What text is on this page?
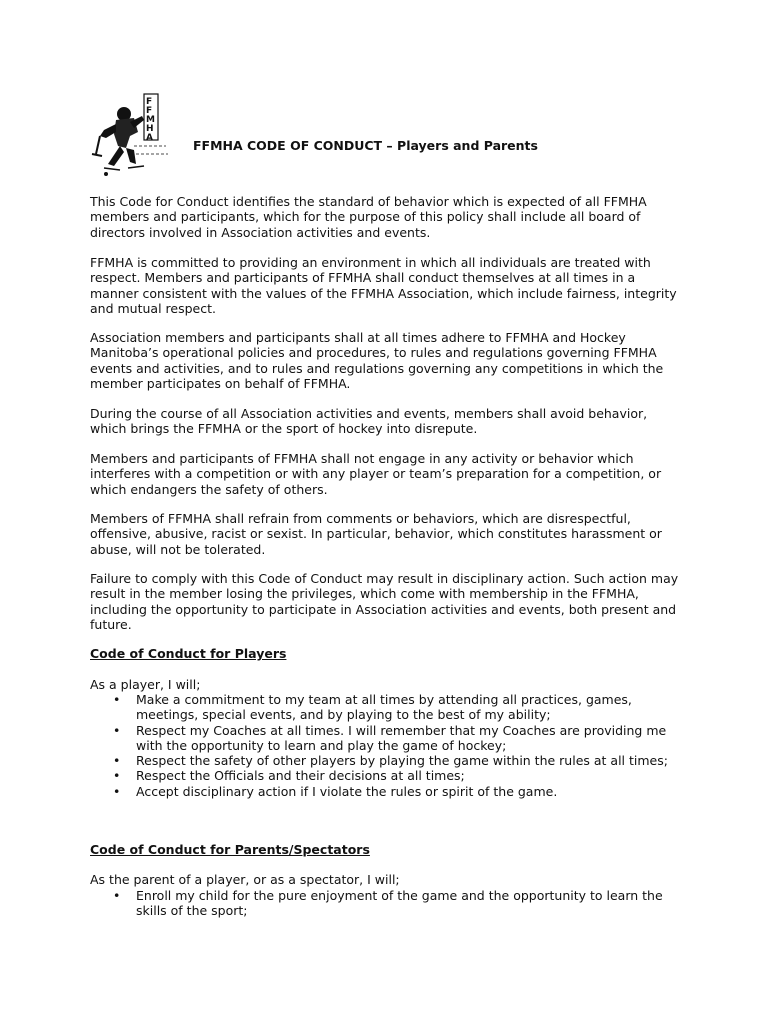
F
F
M
H
A	FFMHA CODE OF CONDUCT – Players and Parents

This Code for Conduct identifies the standard of behavior which is expected of all FFMHA members and participants, which for the purpose of this policy shall include all board of directors involved in Association activities and events.

FFMHA is committed to providing an environment in which all individuals are treated with respect. Members and participants of FFMHA shall conduct themselves at all times in a manner consistent with the values of the FFMHA Association, which include fairness, integrity and mutual respect.

Association members and participants shall at all times adhere to FFMHA and Hockey Manitoba’s operational policies and procedures, to rules and regulations governing FFMHA events and activities, and to rules and regulations governing any competitions in which the member participates on behalf of FFMHA.

During the course of all Association activities and events, members shall avoid behavior, which brings the FFMHA or the sport of hockey into disrepute.

Members and participants of FFMHA shall not engage in any activity or behavior which interferes with a competition or with any player or team’s preparation for a competition, or which endangers the safety of others.

Members of FFMHA shall refrain from comments or behaviors, which are disrespectful, offensive, abusive, racist or sexist. In particular, behavior, which constitutes harassment or abuse, will not be tolerated.

Failure to comply with this Code of Conduct may result in disciplinary action. Such action may result in the member losing the privileges, which come with membership in the FFMHA, including the opportunity to participate in Association activities and events, both present and future.

Code of Conduct for Players
As a player, I will;
• Make a commitment to my team at all times by attending all practices, games, meetings, special events, and by playing to the best of my ability;
• Respect my Coaches at all times. I will remember that my Coaches are providing me with the opportunity to learn and play the game of hockey;
• Respect the safety of other players by playing the game within the rules at all times;
• Respect the Officials and their decisions at all times;
• Accept disciplinary action if I violate the rules or spirit of the game.
Code of Conduct for Parents/Spectators
As the parent of a player, or as a spectator, I will;
• Enroll my child for the pure enjoyment of the game and the opportunity to learn the skills of the sport;
